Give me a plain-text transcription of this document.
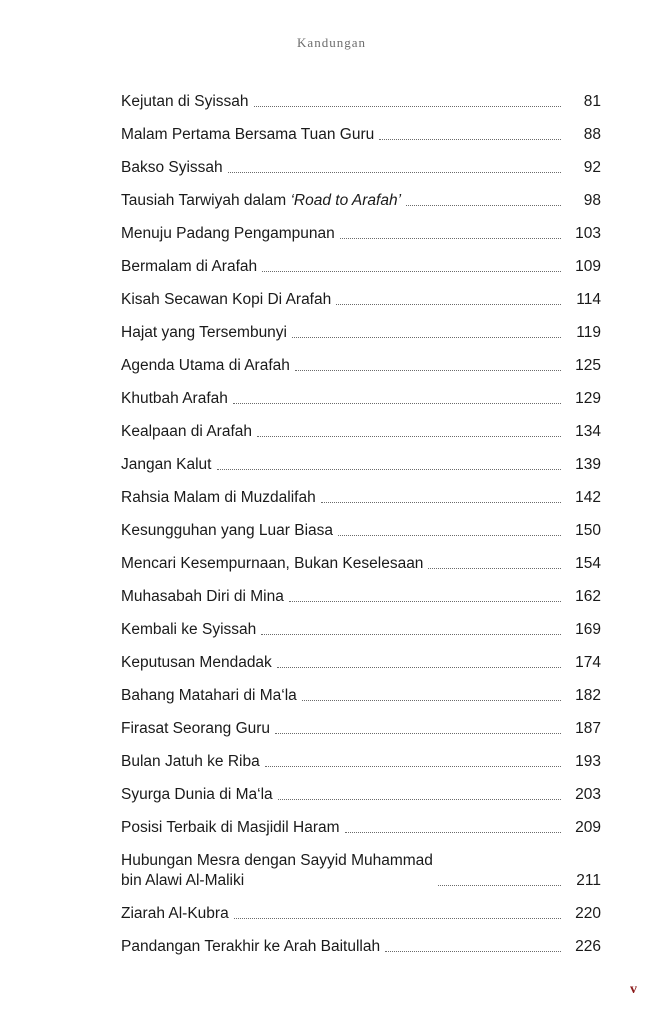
Kandungan
Kejutan di Syissah	81
Malam Pertama Bersama Tuan Guru	88
Bakso Syissah	92
Tausiah Tarwiyah dalam ‘Road to Arafah’	98
Menuju Padang Pengampunan	103
Bermalam di Arafah	109
Kisah Secawan Kopi Di Arafah	114
Hajat yang Tersembunyi	119
Agenda Utama di Arafah	125
Khutbah Arafah	129
Kealpaan di Arafah	134
Jangan Kalut	139
Rahsia Malam di Muzdalifah	142
Kesungguhan yang Luar Biasa	150
Mencari Kesempurnaan, Bukan Keselesaan	154
Muhasabah Diri di Mina	162
Kembali ke Syissah	169
Keputusan Mendadak	174
Bahang Matahari di Ma‘la	182
Firasat Seorang Guru	187
Bulan Jatuh ke Riba	193
Syurga Dunia di Ma‘la	203
Posisi Terbaik di Masjidil Haram	209
Hubungan Mesra dengan Sayyid Muhammad
bin Alawi Al-Maliki	211
Ziarah Al-Kubra	220
Pandangan Terakhir ke Arah Baitullah	226
v
